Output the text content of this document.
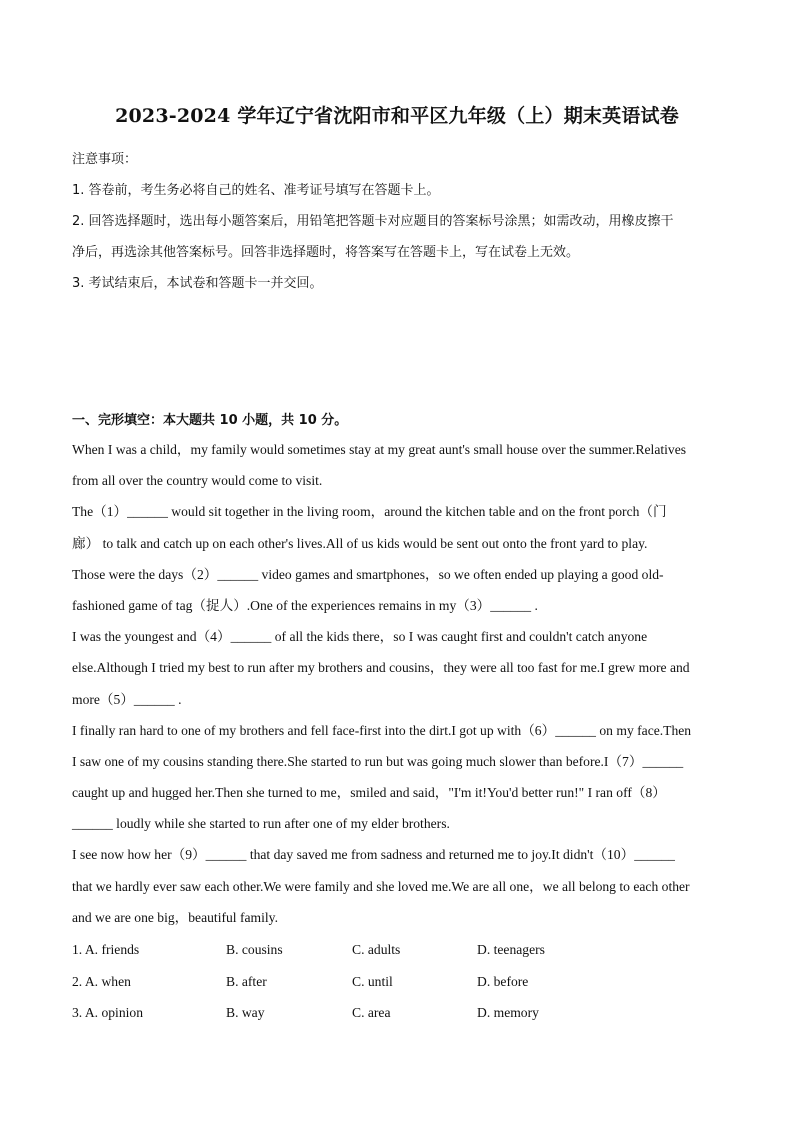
2023-2024 学年辽宁省沈阳市和平区九年级（上）期末英语试卷
注意事项：
1. 答卷前，考生务必将自己的姓名、准考证号填写在答题卡上。
2. 回答选择题时，选出每小题答案后，用铅笔把答题卡对应题目的答案标号涂黑；如需改动，用橡皮擦干
净后，再选涂其他答案标号。回答非选择题时，将答案写在答题卡上，写在试卷上无效。
3. 考试结束后，本试卷和答题卡一并交回。
一、完形填空：本大题共 10 小题，共 10 分。
When I was a child，my family would sometimes stay at my great aunt's small house over the summer.Relatives
from all over the country would come to visit.
The（1）______ would sit together in the living room，around the kitchen table and on the front porch（门
廊） to talk and catch up on each other's lives.All of us kids would be sent out onto the front yard to play.
Those were the days（2）______ video games and smartphones，so we often ended up playing a good old-
fashioned game of tag（捉人）.One of the experiences remains in my（3）______ .
I was the youngest and（4）______ of all the kids there，so I was caught first and couldn't catch anyone
else.Although I tried my best to run after my brothers and cousins，they were all too fast for me.I grew more and
more（5）______ .
I finally ran hard to one of my brothers and fell face-first into the dirt.I got up with（6）______ on my face.Then
I saw one of my cousins standing there.She started to run but was going much slower than before.I（7）______
caught up and hugged her.Then she turned to me，smiled and said，"I'm it!You'd better run!" I ran off（8）
______ loudly while she started to run after one of my elder brothers.
I see now how her（9）______ that day saved me from sadness and returned me to joy.It didn't（10）______
that we hardly ever saw each other.We were family and she loved me.We are all one，we all belong to each other
and we are one big，beautiful family.
1. A. friends	B. cousins	C. adults	D. teenagers
2. A. when	B. after	C. until	D. before
3. A. opinion	B. way	C. area	D. memory
